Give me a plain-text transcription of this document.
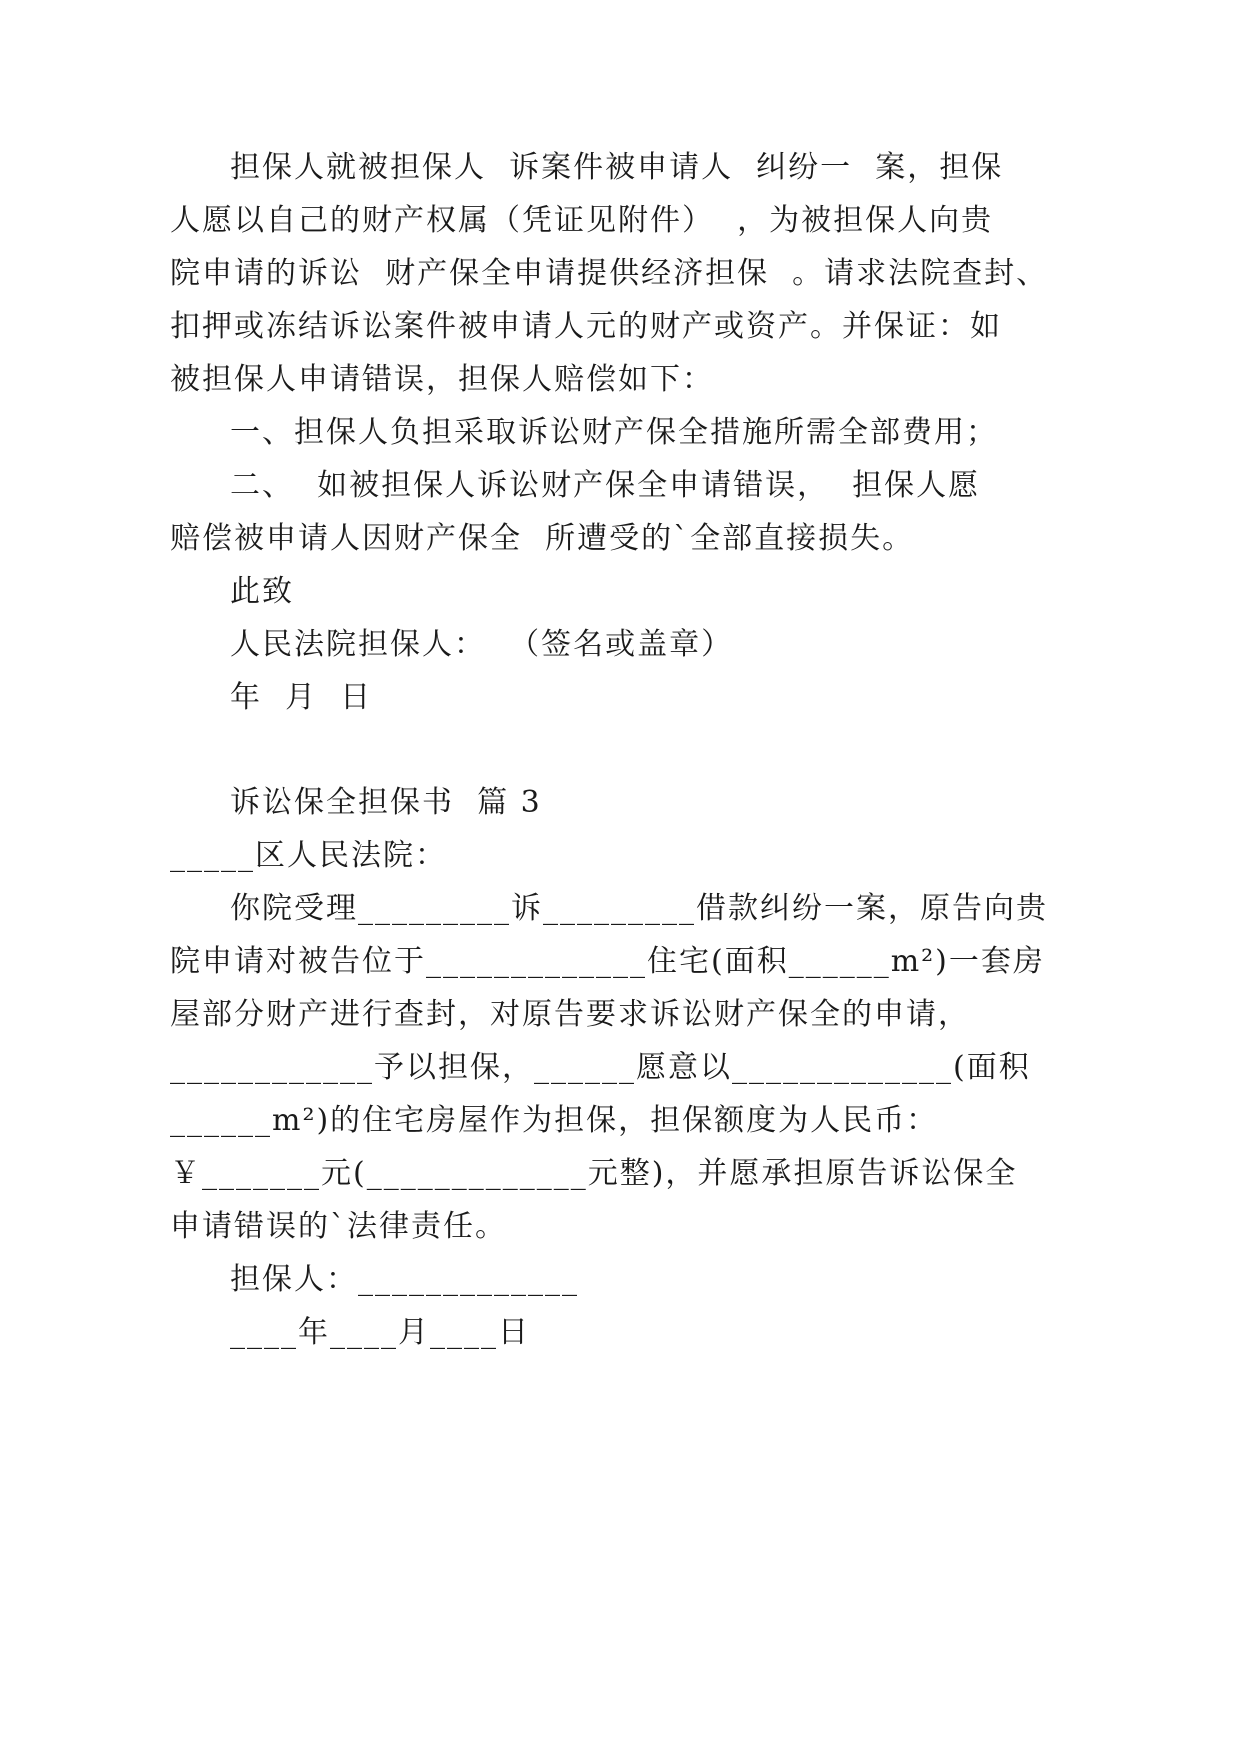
担保人就被担保人  诉案件被申请人  纠纷一  案，担保
人愿以自己的财产权属（凭证见附件）  ，为被担保人向贵
院申请的诉讼  财产保全申请提供经济担保  。请求法院查封、
扣押或冻结诉讼案件被申请人元的财产或资产。并保证：如
被担保人申请错误，担保人赔偿如下：
一、担保人负担采取诉讼财产保全措施所需全部费用；
二、  如被担保人诉讼财产保全申请错误，  担保人愿
赔偿被申请人因财产保全  所遭受的`全部直接损失。
此致
人民法院担保人：  （签名或盖章）
年  月  日
诉讼保全担保书  篇 3
_____区人民法院：
你院受理_________诉_________借款纠纷一案，原告向贵
院申请对被告位于_____________住宅(面积______m²)一套房
屋部分财产进行查封，对原告要求诉讼财产保全的申请，
____________予以担保，______愿意以_____________(面积
______m²)的住宅房屋作为担保，担保额度为人民币：
￥_______元(_____________元整)，并愿承担原告诉讼保全
申请错误的`法律责任。
担保人：_____________
____年____月____日
